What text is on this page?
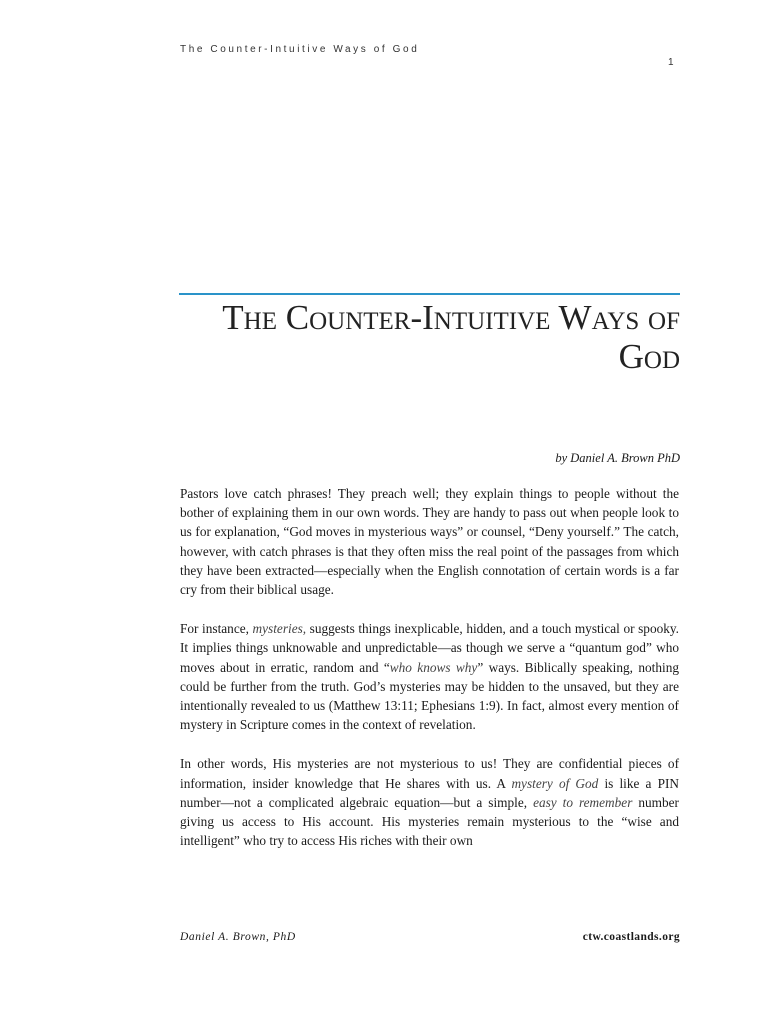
The Counter-Intuitive Ways of God
1
The Counter-Intuitive Ways of
God
by Daniel A. Brown PhD

Pastors love catch phrases! They preach well; they explain things to people without the bother of explaining them in our own words. They are handy to pass out when people look to us for explanation, “God moves in mysterious ways” or counsel, “Deny yourself.” The catch, however, with catch phrases is that they often miss the real point of the passages from which they have been extracted—especially when the English connotation of certain words is a far cry from their biblical usage.

For instance, mysteries, suggests things inexplicable, hidden, and a touch mystical or spooky. It implies things unknowable and unpredictable—as though we serve a “quantum god” who moves about in erratic, random and “who knows why” ways. Biblically speaking, nothing could be further from the truth. God’s mysteries may be hidden to the unsaved, but they are intentionally revealed to us (Matthew 13:11; Ephesians 1:9). In fact, almost every mention of mystery in Scripture comes in the context of revelation.

In other words, His mysteries are not mysterious to us! They are confidential pieces of information, insider knowledge that He shares with us. A mystery of God is like a PIN number—not a complicated algebraic equation—but a simple, easy to remember number giving us access to His account. His mysteries remain mysterious to the “wise and intelligent” who try to access His riches with their own

Daniel A. Brown, PhD	ctw.coastlands.org
